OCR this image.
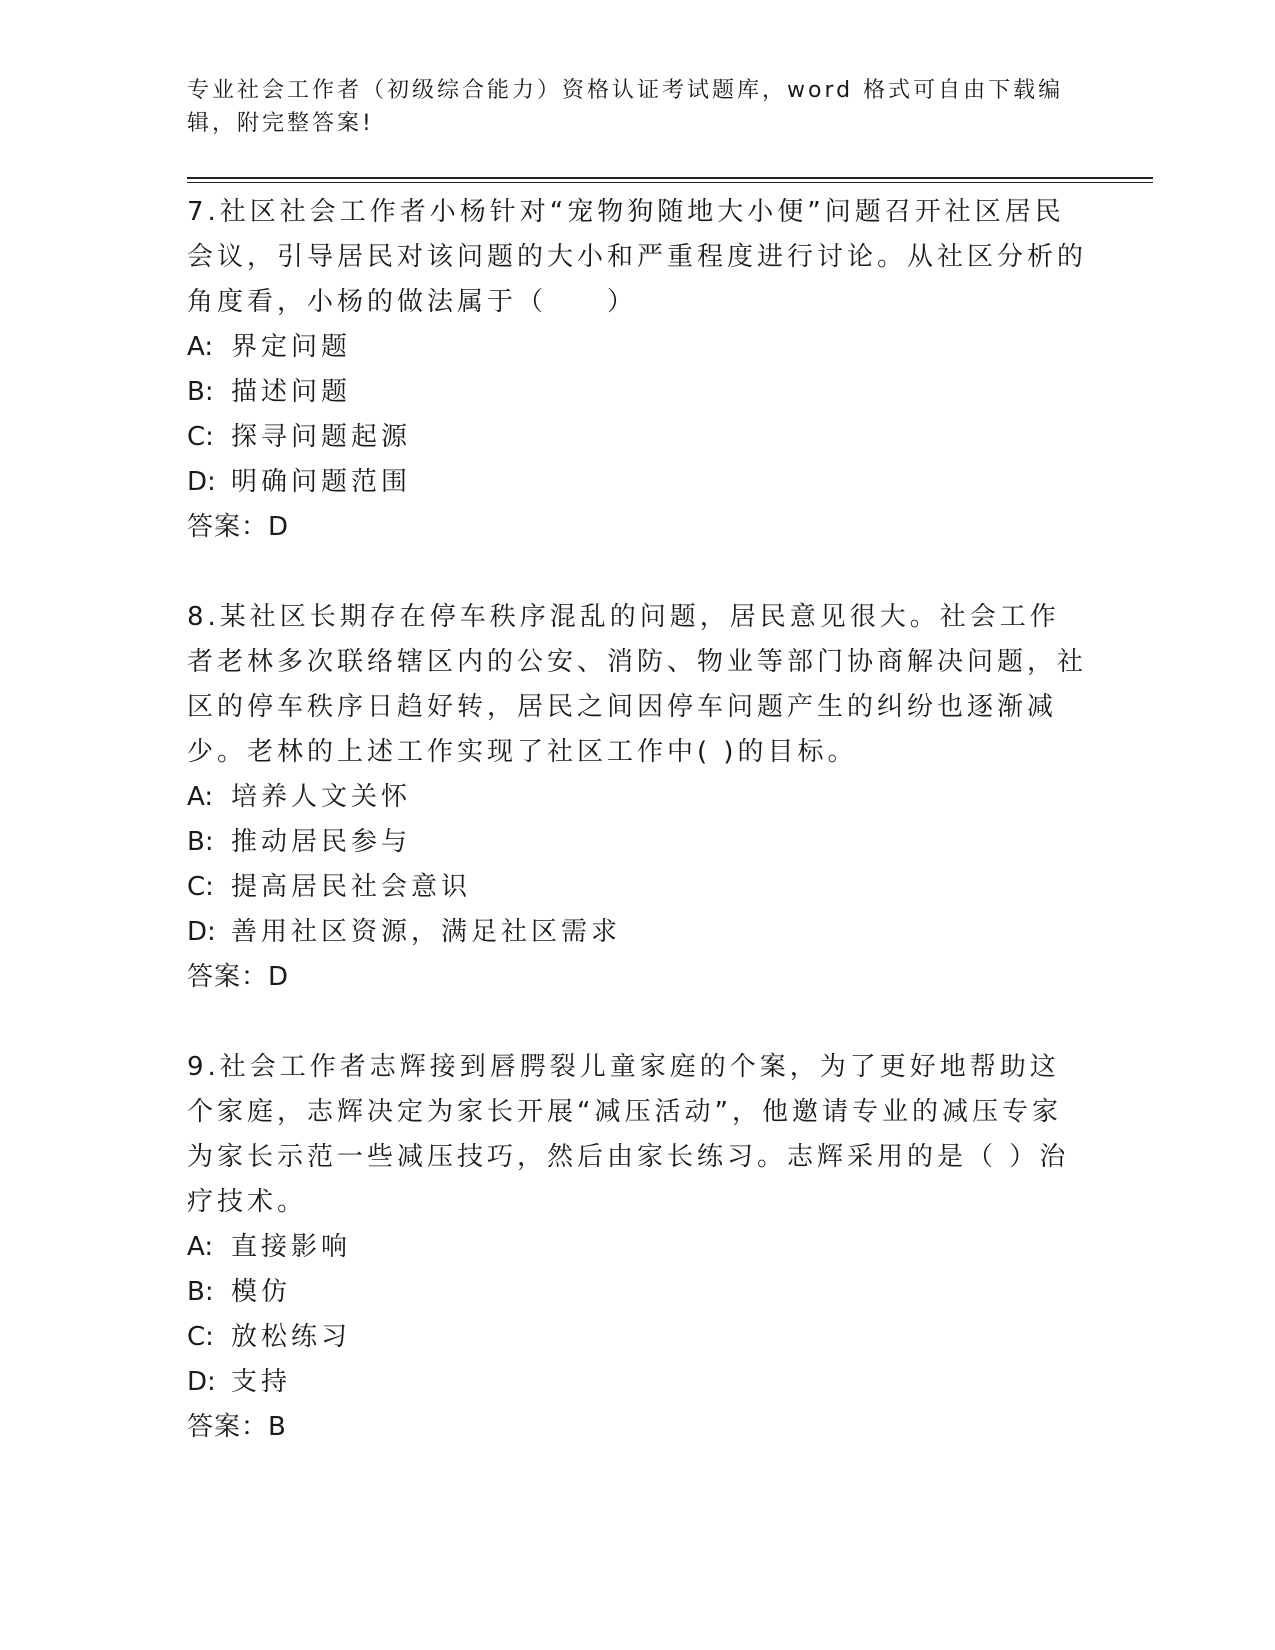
专业社会工作者（初级综合能力）资格认证考试题库，word 格式可自由下载编辑，附完整答案!
7.社区社会工作者小杨针对“宠物狗随地大小便”问题召开社区居民会议，引导居民对该问题的大小和严重程度进行讨论。从社区分析的角度看，小杨的做法属于（　　）
A: 界定问题
B: 描述问题
C: 探寻问题起源
D: 明确问题范围
答案：D
8.某社区长期存在停车秩序混乱的问题，居民意见很大。社会工作者老林多次联络辖区内的公安、消防、物业等部门协商解决问题，社区的停车秩序日趋好转，居民之间因停车问题产生的纠纷也逐渐减少。老林的上述工作实现了社区工作中( )的目标。
A: 培养人文关怀
B: 推动居民参与
C: 提高居民社会意识
D: 善用社区资源，满足社区需求
答案：D
9.社会工作者志辉接到唇腭裂儿童家庭的个案，为了更好地帮助这个家庭，志辉决定为家长开展“减压活动”，他邀请专业的减压专家为家长示范一些减压技巧，然后由家长练习。志辉采用的是（ ）治疗技术。
A: 直接影响
B: 模仿
C: 放松练习
D: 支持
答案：B
